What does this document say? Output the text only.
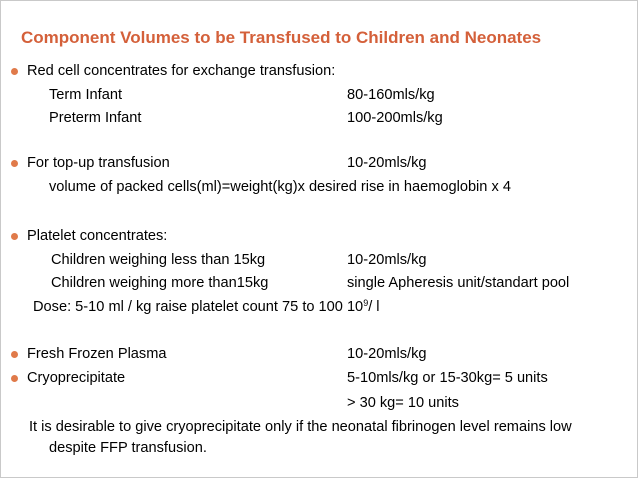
Component Volumes to be Transfused to Children and Neonates
Red cell concentrates for exchange transfusion:
Term Infant	80-160mls/kg
Preterm Infant	100-200mls/kg
For top-up transfusion	10-20mls/kg
volume of packed cells(ml)=weight(kg)x desired rise in haemoglobin x 4
Platelet concentrates:
Children weighing less than 15kg	10-20mls/kg
Children weighing more than15kg	single Apheresis unit/standart pool
Dose: 5-10 ml / kg raise platelet count 75 to 100 $10^9/$ l
Fresh Frozen Plasma	10-20mls/kg
Cryoprecipitate	5-10mls/kg or 15-30kg= 5 units
> 30 kg= 10 units
It is desirable to give cryoprecipitate only if the neonatal fibrinogen level remains low
despite FFP transfusion.
